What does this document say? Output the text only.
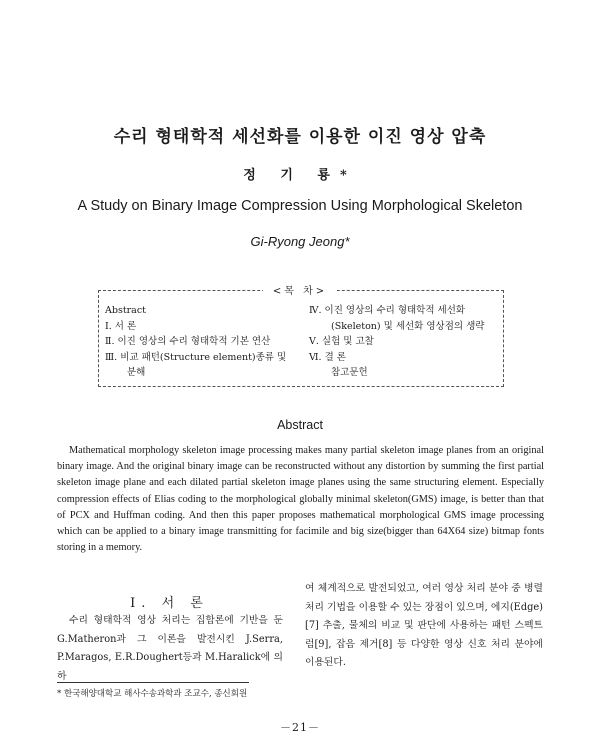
수리 형태학적 세선화를 이용한 이진 영상 압축
정 기 룡*
A Study on Binary Image Compression Using Morphological Skeleton
Gi-Ryong Jeong*
Abstract
Ⅰ. 서 론
Ⅱ. 이진 영상의 수리 형태학적 기본 연산
Ⅲ. 비교 패턴(Structure element)종류 및
분해
Ⅳ. 이진 영상의 수리 형태학적 세선화
(Skeleton) 및 세선화 영상점의 생략
Ⅴ. 실험 및 고찰
Ⅵ. 결 론
참고문헌
<목 차>
Abstract
Mathematical morphology skeleton image processing makes many partial skeleton image planes from an original binary image. And the original binary image can be reconstructed without any distortion by summing the first partial skeleton image plane and each dilated partial skeleton image planes using the same structuring element. Especially compression effects of Elias coding to the morphological globally minimal skeleton(GMS) image, is better than that of PCX and Huffman coding. And then this paper proposes mathematical morphological GMS image processing which can be applied to a binary image transmitting for facimile and big size(bigger than 64X64 size) bitmap fonts storing in a memory.
Ⅰ. 서 론

수리 형태학적 영상 처리는 집합론에 기반을 둔 G.Matheron과 그 이론을 발전시킨 J.Serra, P.Maragos, E.R.Doughert등과 M.Haralick에 의하

여 체계적으로 발전되었고, 여러 영상 처리 분야 중 병렬 처리 기법을 이용할 수 있는 장점이 있으며, 에지(Edge)[7] 추출, 물체의 비교 및 판단에 사용하는 패턴 스펙트럼[9], 잡음 제거[8] 등 다양한 영상 신호 처리 분야에 이용된다.

* 한국해양대학교 해사수송과학과 조교수, 종신회원
－21－
